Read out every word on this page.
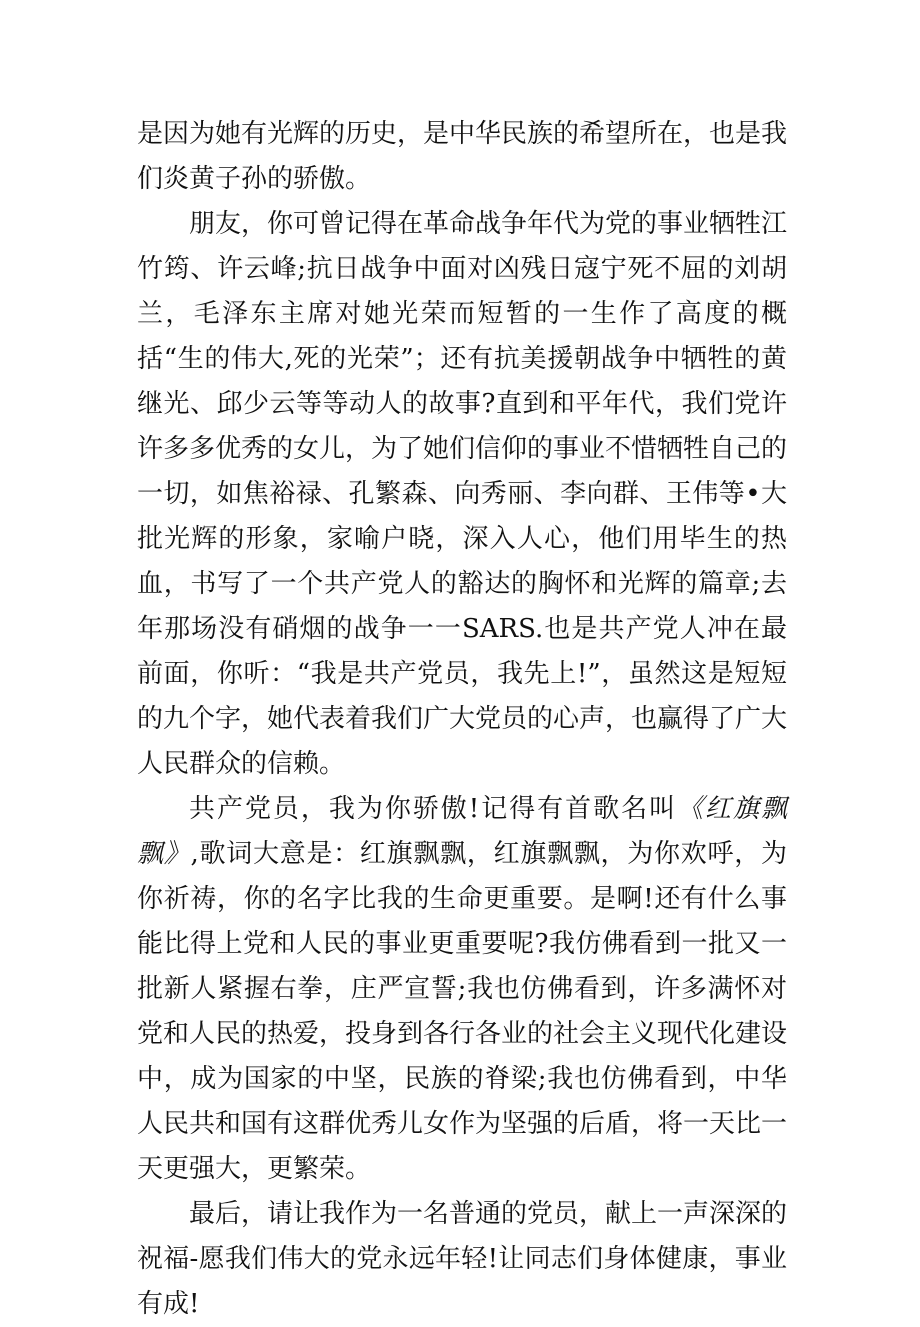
是因为她有光辉的历史，是中华民族的希望所在，也是我们炎黄子孙的骄傲。

朋友，你可曾记得在革命战争年代为党的事业牺牲江竹筠、许云峰;抗日战争中面对凶残日寇宁死不屈的刘胡兰，毛泽东主席对她光荣而短暂的一生作了高度的概括“生的伟大,死的光荣”；还有抗美援朝战争中牺牲的黄继光、邱少云等等动人的故事?直到和平年代，我们党许许多多优秀的女儿，为了她们信仰的事业不惜牺牲自己的一切，如焦裕禄、孔繁森、向秀丽、李向群、王伟等•大批光辉的形象，家喻户晓，深入人心，他们用毕生的热血，书写了一个共产党人的豁达的胸怀和光辉的篇章;去年那场没有硝烟的战争一一SARS.也是共产党人冲在最前面，你听：“我是共产党员，我先上!”，虽然这是短短的九个字，她代表着我们广大党员的心声，也赢得了广大人民群众的信赖。

共产党员，我为你骄傲!记得有首歌名叫《红旗飘飘》,歌词大意是：红旗飘飘，红旗飘飘，为你欢呼，为你祈祷，你的名字比我的生命更重要。是啊!还有什么事能比得上党和人民的事业更重要呢?我仿佛看到一批又一批新人紧握右拳，庄严宣誓;我也仿佛看到，许多满怀对党和人民的热爱，投身到各行各业的社会主义现代化建设中，成为国家的中坚，民族的脊梁;我也仿佛看到，中华人民共和国有这群优秀儿女作为坚强的后盾，将一天比一天更强大，更繁荣。

最后，请让我作为一名普通的党员，献上一声深深的祝福-愿我们伟大的党永远年轻!让同志们身体健康，事业有成!
